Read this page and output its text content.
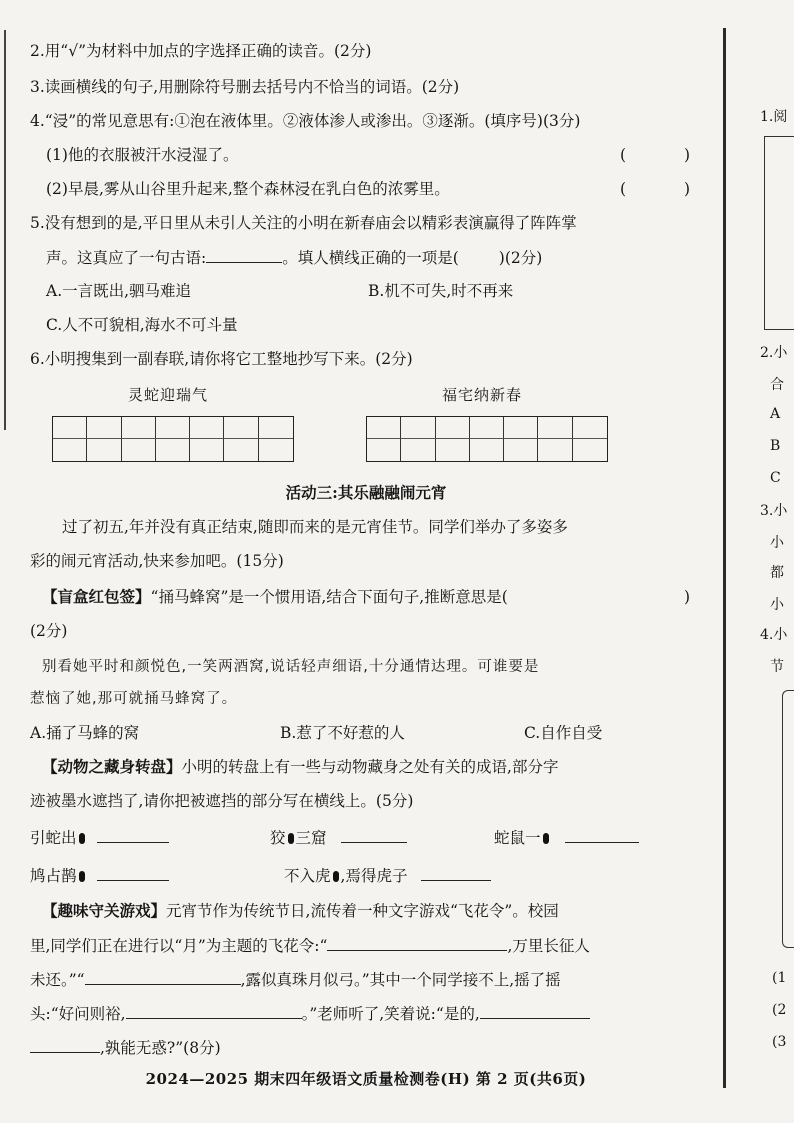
2.用“√”为材料中加点的字选择正确的读音。(2分)
3.读画横线的句子,用删除符号删去括号内不恰当的词语。(2分)
4.“浸”的常见意思有:①泡在液体里。②液体渗人或渗出。③逐渐。(填序号)(3分)
(1)他的衣服被汗水浸湿了。	(	)
(2)早晨,雾从山谷里升起来,整个森林浸在乳白色的浓雾里。	(	)
5.没有想到的是,平日里从未引人关注的小明在新春庙会以精彩表演赢得了阵阵掌
声。这真应了一句古语:	。填人横线正确的一项是(	)(2分)
A.一言既出,驷马难追	B.机不可失,时不再来
C.人不可貌相,海水不可斗量
6.小明搜集到一副春联,请你将它工整地抄写下来。(2分)
灵蛇迎瑞气	福宅纳新春
活动三:其乐融融闹元宵
过了初五,年并没有真正结束,随即而来的是元宵佳节。同学们举办了多姿多
彩的闹元宵活动,快来参加吧。(15分)
【盲盒红包签】“捅马蜂窝”是一个惯用语,结合下面句子,推断意思是(	)
(2分)
别看她平时和颜悦色,一笑两酒窝,说话轻声细语,十分通情达理。可谁要是
惹恼了她,那可就捅马蜂窝了。
A.捅了马蜂的窝	B.惹了不好惹的人	C.自作自受
【动物之藏身转盘】小明的转盘上有一些与动物藏身之处有关的成语,部分字
迹被墨水遮挡了,请你把被遮挡的部分写在横线上。(5分)
引蛇出	狡 三窟	蛇鼠一
鸠占鹊	不入虎 ,焉得虎子
【趣味守关游戏】元宵节作为传统节日,流传着一种文字游戏“飞花令”。校园
里,同学们正在进行以“月”为主题的飞花令:“	,万里长征人
未还。”“	,露似真珠月似弓。”其中一个同学接不上,摇了摇
头:“好问则裕,	。”老师听了,笑着说:“是的,
,孰能无惑?”(8分)
2024—2025 期末四年级语文质量检测卷(H) 第 2 页(共6页)
1.阅
2.小
合
A
B
C
3.小
小
都
小
4.小
节
(1
(2
(3
